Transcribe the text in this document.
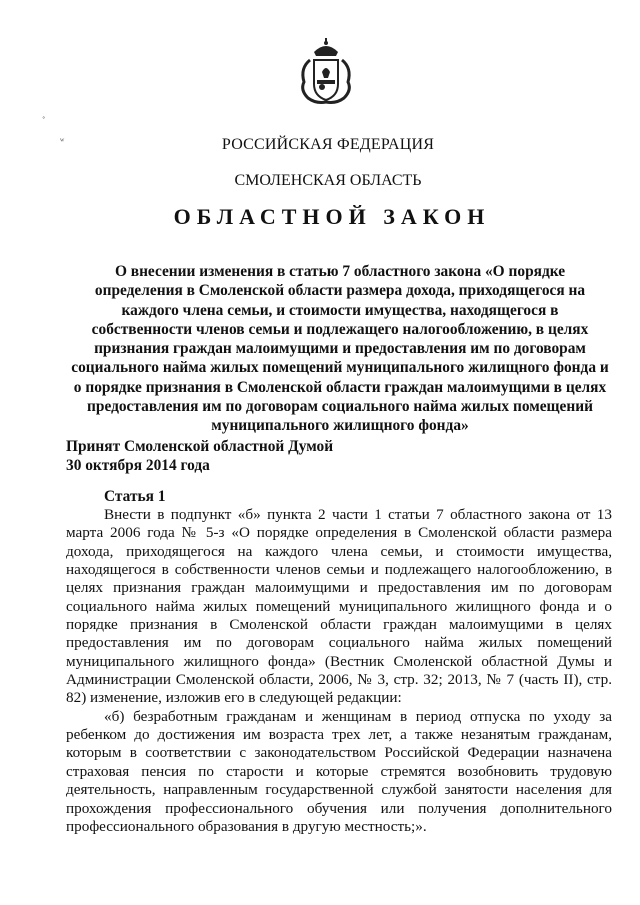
РОССИЙСКАЯ ФЕДЕРАЦИЯ
СМОЛЕНСКАЯ ОБЛАСТЬ
ОБЛАСТНОЙ ЗАКОН
О внесении изменения в статью 7 областного закона «О порядке определения в Смоленской области размера дохода, приходящегося на каждого члена семьи, и стоимости имущества, находящегося в собственности членов семьи и подлежащего налогообложению, в целях признания граждан малоимущими и предоставления им по договорам социального найма жилых помещений муниципального жилищного фонда и о порядке признания в Смоленской области граждан малоимущими в целях предоставления им по договорам социального найма жилых помещений муниципального жилищного фонда»
Принят Смоленской областной Думой
30 октября 2014 года
Статья 1

Внести в подпункт «б» пункта 2 части 1 статьи 7 областного закона от 13 марта 2006 года № 5-з «О порядке определения в Смоленской области размера дохода, приходящегося на каждого члена семьи, и стоимости имущества, находящегося в собственности членов семьи и подлежащего налогообложению, в целях признания граждан малоимущими и предоставления им по договорам социального найма жилых помещений муниципального жилищного фонда и о порядке признания в Смоленской области граждан малоимущими в целях предоставления им по договорам социального найма жилых помещений муниципального жилищного фонда» (Вестник Смоленской областной Думы и Администрации Смоленской области, 2006, № 3, стр. 32; 2013, № 7 (часть II), стр. 82) изменение, изложив его в следующей редакции:

«б) безработным гражданам и женщинам в период отпуска по уходу за ребенком до достижения им возраста трех лет, а также незанятым гражданам, которым в соответствии с законодательством Российской Федерации назначена страховая пенсия по старости и которые стремятся возобновить трудовую деятельность, направленным государственной службой занятости населения для прохождения профессионального обучения или получения дополнительного профессионального образования в другую местность;».

˚
ʷ
